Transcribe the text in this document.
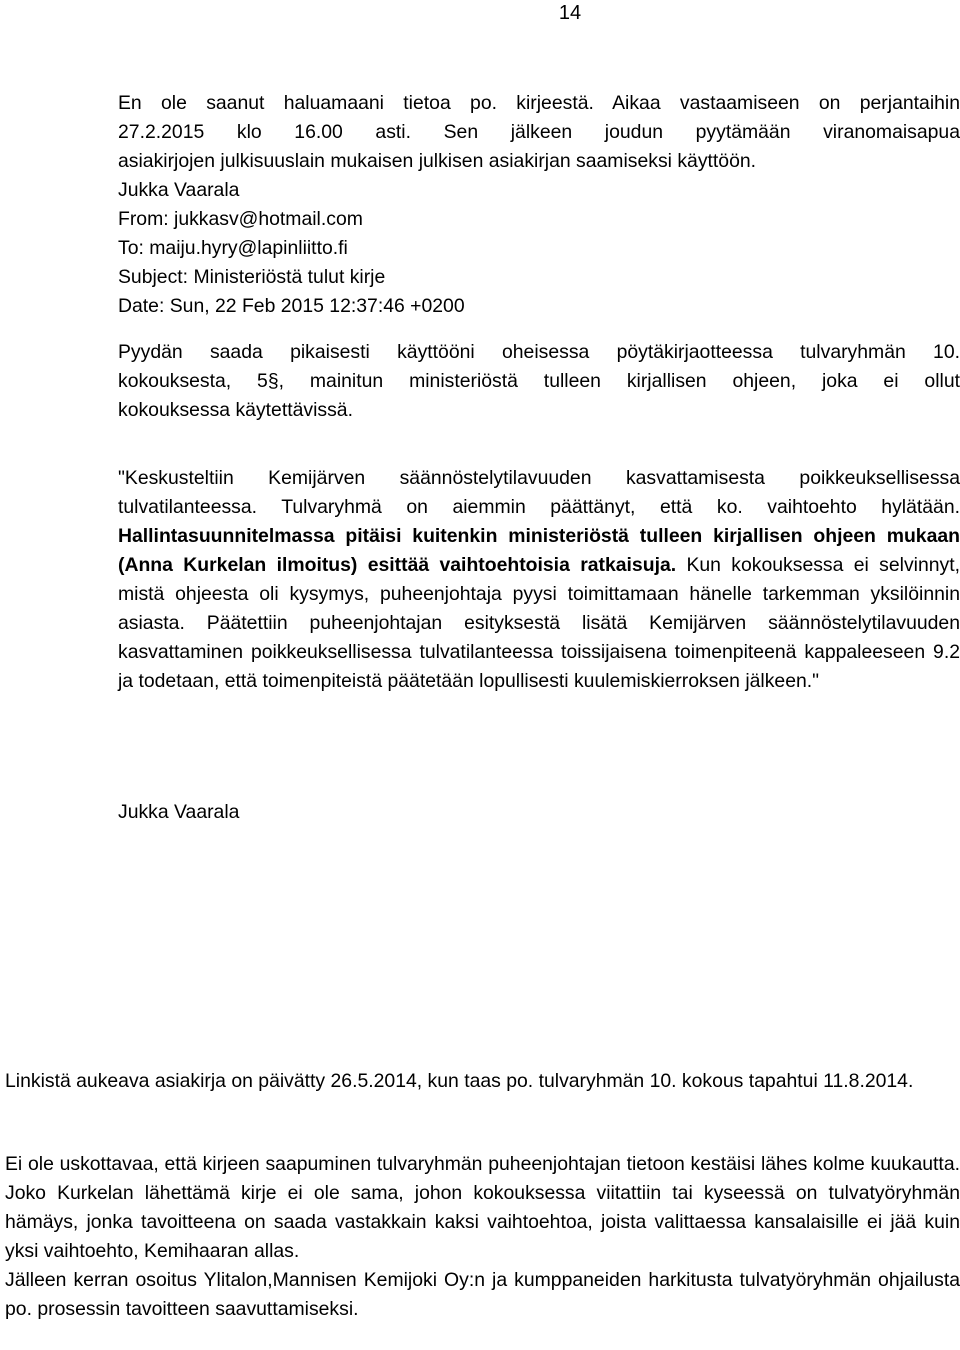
14
En ole saanut haluamaani tietoa po. kirjeestä. Aikaa vastaamiseen on perjantaihin
27.2.2015 klo 16.00 asti. Sen jälkeen joudun pyytämään viranomaisapua
asiakirjojen julkisuuslain mukaisen julkisen asiakirjan saamiseksi käyttöön.
Jukka Vaarala
From: jukkasv@hotmail.com
To: maiju.hyry@lapinliitto.fi
Subject: Ministeriöstä tulut kirje
Date: Sun, 22 Feb 2015 12:37:46 +0200
Pyydän saada pikaisesti käyttööni oheisessa pöytäkirjaotteessa tulvaryhmän 10.
kokouksesta, 5§, mainitun ministeriöstä tulleen kirjallisen ohjeen, joka ei ollut
kokouksessa käytettävissä.
"Keskusteltiin Kemijärven säännöstelytilavuuden kasvattamisesta poikkeuksellisessa tulvatilanteessa. Tulvaryhmä on aiemmin päättänyt, että ko. vaihtoehto hylätään. Hallintasuunnitelmassa pitäisi kuitenkin ministeriöstä tulleen kirjallisen ohjeen mukaan (Anna Kurkelan ilmoitus) esittää vaihtoehtoisia ratkaisuja. Kun kokouksessa ei selvinnyt, mistä ohjeesta oli kysymys, puheenjohtaja pyysi toimittamaan hänelle tarkemman yksilöinnin asiasta. Päätettiin puheenjohtajan esityksestä lisätä Kemijärven säännöstelytilavuuden kasvattaminen poikkeuksellisessa tulvatilanteessa toissijaisena toimenpiteenä kappaleeseen 9.2 ja todetaan, että toimenpiteistä päätetään lopullisesti kuulemiskierroksen jälkeen."
Jukka Vaarala
Linkistä aukeava asiakirja on päivätty 26.5.2014, kun taas po. tulvaryhmän 10. kokous tapahtui 11.8.2014.
Ei ole uskottavaa, että kirjeen saapuminen tulvaryhmän puheenjohtajan tietoon kestäisi lähes kolme kuukautta. Joko Kurkelan lähettämä kirje ei ole sama, johon kokouksessa viitattiin tai kyseessä on tulvatyöryhmän hämäys, jonka tavoitteena on saada vastakkain kaksi vaihtoehtoa, joista valittaessa kansalaisille ei jää kuin yksi vaihtoehto, Kemihaaran allas.
Jälleen kerran osoitus Ylitalon,Mannisen Kemijoki Oy:n ja kumppaneiden harkitusta tulvatyöryhmän ohjailusta po. prosessin tavoitteen saavuttamiseksi.
